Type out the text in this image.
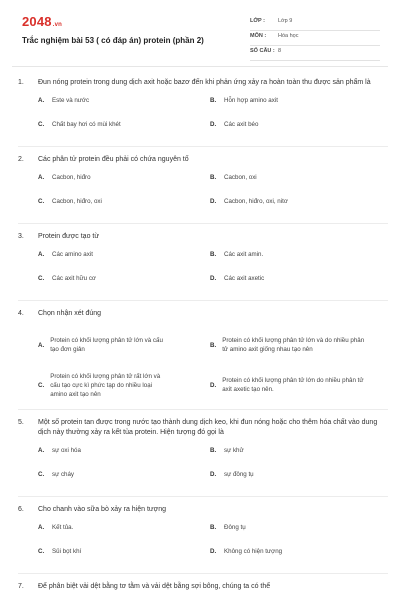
2048.vn
Trắc nghiệm bài 53 ( có đáp án) protein (phần 2)
LỚP : Lớp 9
MÔN : Hóa học
SỐ CÂU : 8
1.	Đun nóng protein trong dung dịch axit hoặc bazơ đến khi phản ứng xảy ra hoàn toàn thu được sản phẩm là
A. Este và nước	B. Hỗn hợp amino axit
C. Chất bay hơi có mùi khét	D. Các axit béo
2.	Các phân tử protein đều phải có chứa nguyên tố
A. Cacbon, hiđro	B. Cacbon, oxi
C. Cacbon, hiđro, oxi	D. Cacbon, hiđro, oxi, nitơ
3.	Protein được tạo từ
A. Các amino axit	B. Các axit amin.
C. Các axit hữu cơ	D. Các axit axetic
4.	Chọn nhận xét đúng
A.
Protein có khối lượng phân tử lớn và cấu tạo đơn giản
B.
Protein có khối lượng phân tử lớn và do nhiều phân tử amino axit giống nhau tạo nên
C.
Protein có khối lượng phân tử rất lớn và cấu tạo cực kì phức tạp do nhiều loại amino axit tạo nên
D.
Protein có khối lượng phân tử lớn do nhiều phân tử axit axetic tạo nên.
5.	Một số protein tan được trong nước tạo thành dung dịch keo, khi đun nóng hoặc cho thêm hóa chất vào dung dịch này thường xảy ra kết tủa protein. Hiện tượng đó gọi là
A. sự oxi hóa	B. sự khử
C. sự cháy	D. sự đông tụ
6.	Cho chanh vào sữa bò xảy ra hiện tượng
A. Kết tủa.	B. Đông tụ
C. Sủi bọt khí	D. Không có hiện tượng
7.	Để phân biệt vải dệt bằng tơ tằm và vải dệt bằng sợi bông, chúng ta có thể
